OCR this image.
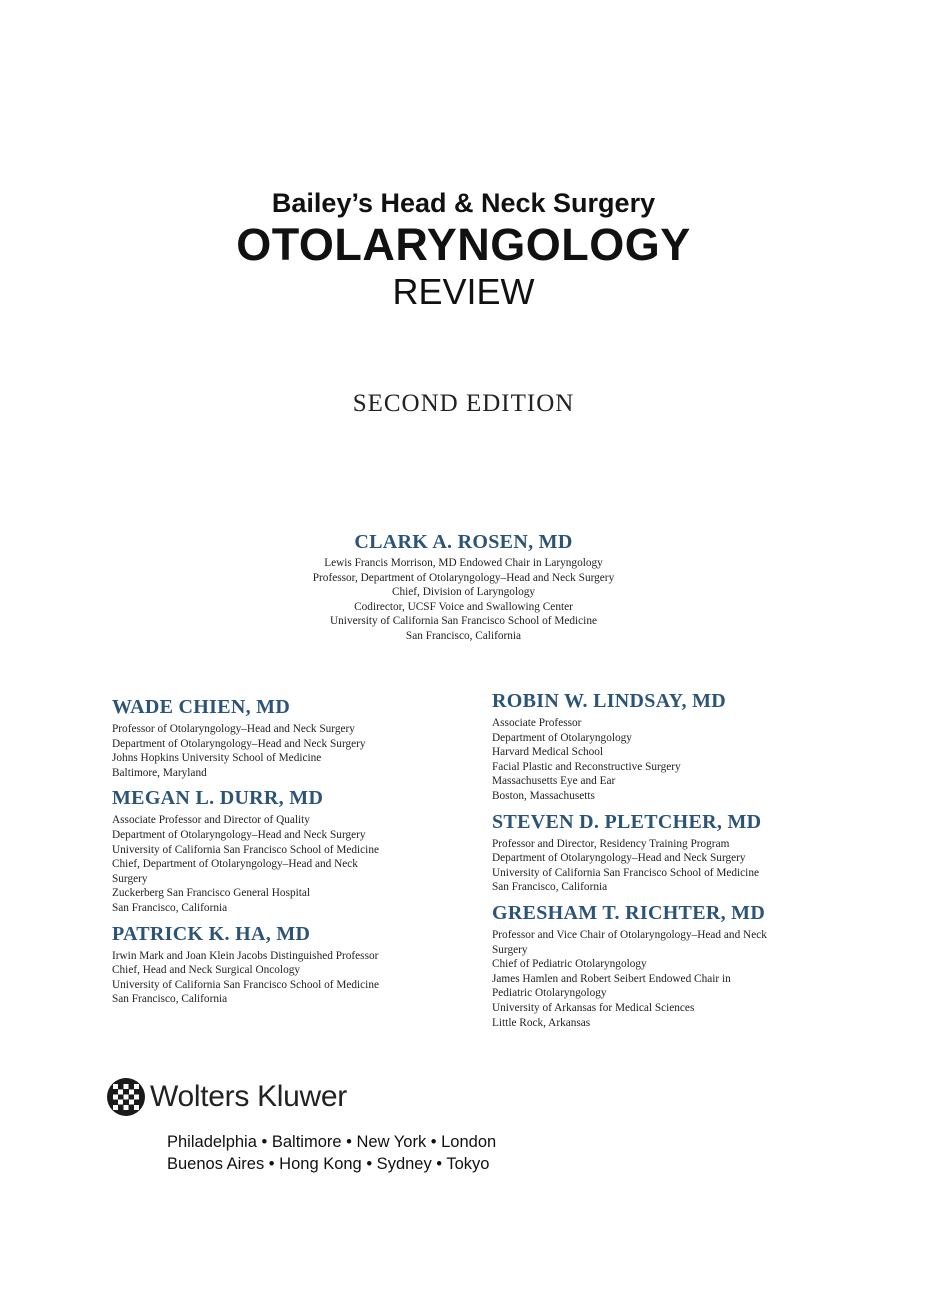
Bailey’s Head & Neck Surgery

OTOLARYNGOLOGY

REVIEW

SECOND EDITION
CLARK A. ROSEN, MD
Lewis Francis Morrison, MD Endowed Chair in Laryngology
Professor, Department of Otolaryngology–Head and Neck Surgery
Chief, Division of Laryngology
Codirector, UCSF Voice and Swallowing Center
University of California San Francisco School of Medicine
San Francisco, California
WADE CHIEN, MD
Professor of Otolaryngology–Head and Neck Surgery
Department of Otolaryngology–Head and Neck Surgery
Johns Hopkins University School of Medicine
Baltimore, Maryland
MEGAN L. DURR, MD
Associate Professor and Director of Quality
Department of Otolaryngology–Head and Neck Surgery
University of California San Francisco School of Medicine
Chief, Department of Otolaryngology–Head and Neck
Surgery
Zuckerberg San Francisco General Hospital
San Francisco, California
PATRICK K. HA, MD
Irwin Mark and Joan Klein Jacobs Distinguished Professor
Chief, Head and Neck Surgical Oncology
University of California San Francisco School of Medicine
San Francisco, California
ROBIN W. LINDSAY, MD
Associate Professor
Department of Otolaryngology
Harvard Medical School
Facial Plastic and Reconstructive Surgery
Massachusetts Eye and Ear
Boston, Massachusetts
STEVEN D. PLETCHER, MD
Professor and Director, Residency Training Program
Department of Otolaryngology–Head and Neck Surgery
University of California San Francisco School of Medicine
San Francisco, California
GRESHAM T. RICHTER, MD
Professor and Vice Chair of Otolaryngology–Head and Neck
Surgery
Chief of Pediatric Otolaryngology
James Hamlen and Robert Seibert Endowed Chair in
Pediatric Otolaryngology
University of Arkansas for Medical Sciences
Little Rock, Arkansas
Wolters Kluwer
Philadelphia • Baltimore • New York • London
Buenos Aires • Hong Kong • Sydney • Tokyo
